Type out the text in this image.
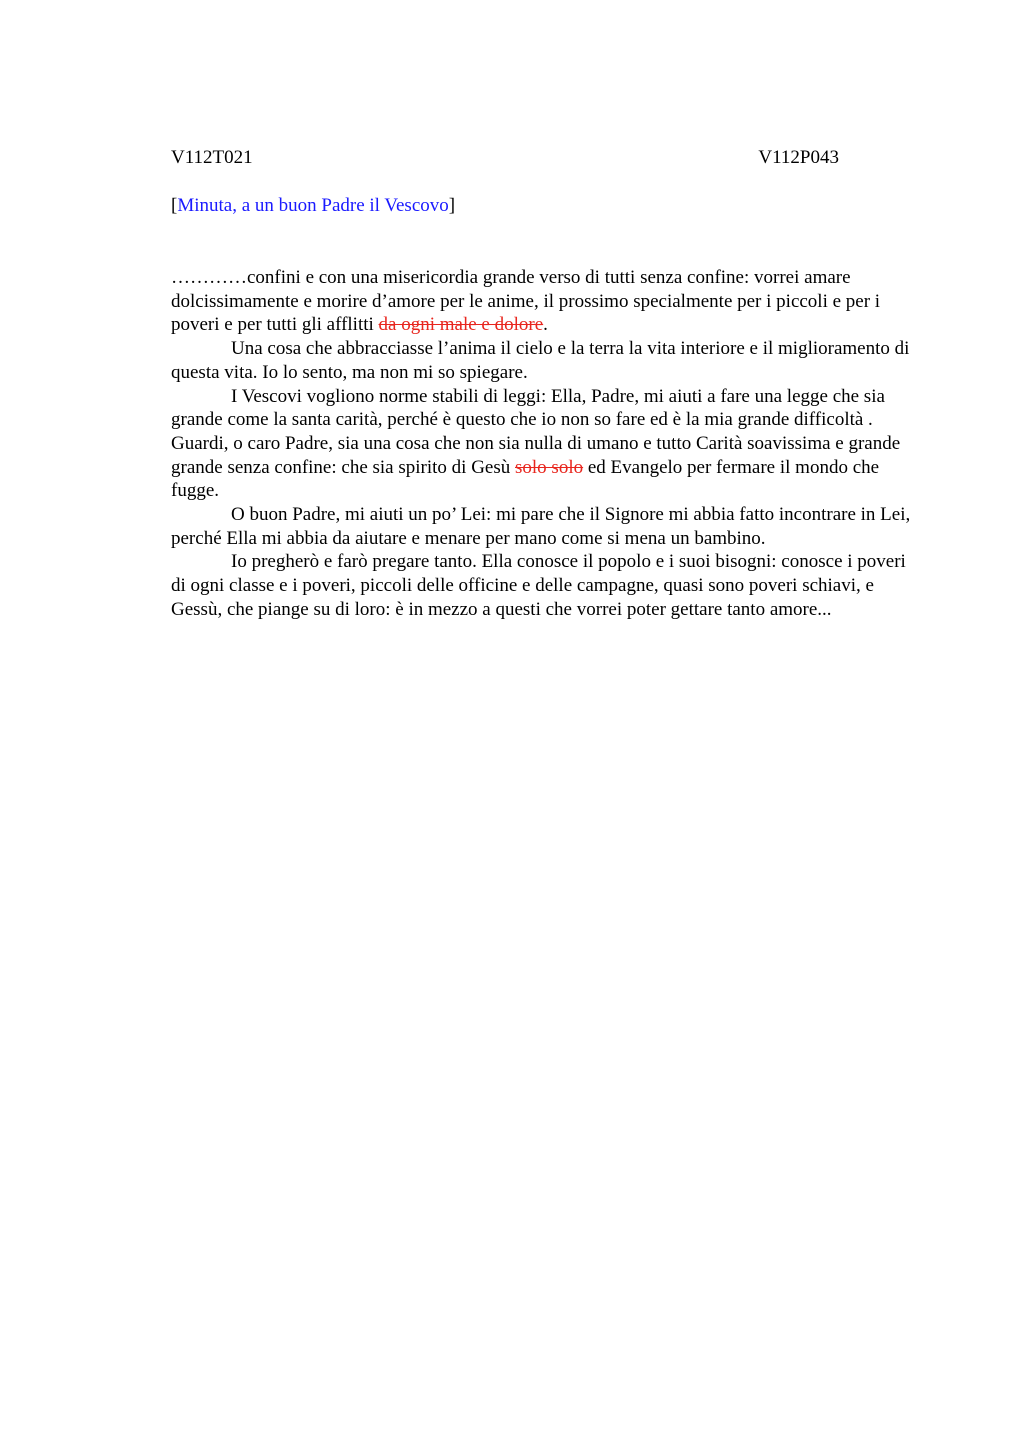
V112T021	V112P043
[Minuta, a un buon Padre il Vescovo]

…………confini e con una misericordia grande verso di tutti senza confine: vorrei amare dolcissimamente e morire d’amore per le anime, il prossimo specialmente per i piccoli e per i poveri e per tutti gli afflitti da ogni male e dolore.

Una cosa che abbracciasse l’anima il cielo e la terra la vita interiore e il miglioramento di questa vita. Io lo sento, ma non mi so spiegare.

I Vescovi vogliono norme stabili di leggi: Ella, Padre, mi aiuti a fare una legge che sia grande come la santa carità, perché è questo che io non so fare ed è la mia grande difficoltà . Guardi, o caro Padre, sia una cosa che non sia nulla di umano e tutto Carità soavissima e grande grande senza confine: che sia spirito di Gesù solo solo ed Evangelo per fermare il mondo che fugge.

O buon Padre, mi aiuti un po’ Lei: mi pare che il Signore mi abbia fatto incontrare in Lei, perché Ella mi abbia da aiutare e menare per mano come si mena un bambino.

Io pregherò e farò pregare tanto. Ella conosce il popolo e i suoi bisogni: conosce i poveri di ogni classe e i poveri, piccoli delle officine e delle campagne, quasi sono poveri schiavi, e Gessù, che piange su di loro: è in mezzo a questi che vorrei poter gettare tanto amore...
